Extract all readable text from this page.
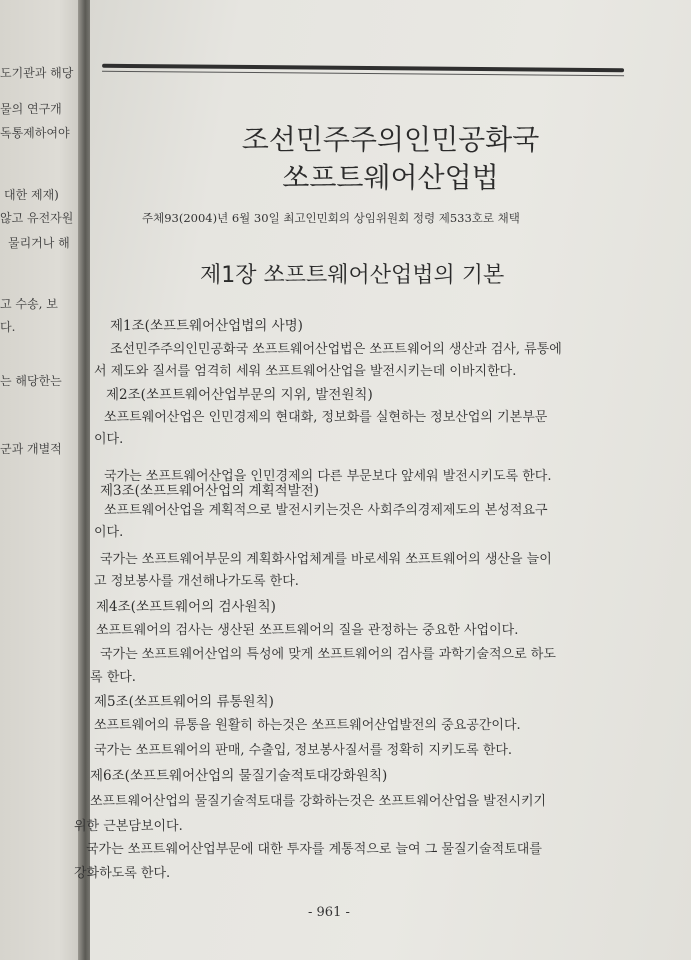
도기관과 해당
물의 연구개
독통제하여야
대한 제재)
않고 유전자원
물리거나 해
고 수송, 보
다.
는 해당한는
군과 개별적
조선민주주의인민공화국
쏘프트웨어산업법
주체93(2004)년 6월 30일 최고인민회의 상임위원회 정령 제533호로 채택
제1장 쏘프트웨어산업법의 기본
제1조(쏘프트웨어산업법의 사명)
조선민주주의인민공화국 쏘프트웨어산업법은 쏘프트웨어의 생산과 검사, 류통에
서 제도와 질서를 엄격히 세워 쏘프트웨어산업을 발전시키는데 이바지한다.
제2조(쏘프트웨어산업부문의 지위, 발전원칙)
쏘프트웨어산업은 인민경제의 현대화, 정보화를 실현하는 정보산업의 기본부문
이다.
국가는 쏘프트웨어산업을 인민경제의 다른 부문보다 앞세워 발전시키도록 한다.
제3조(쏘프트웨어산업의 계획적발전)
쏘프트웨어산업을 계획적으로 발전시키는것은 사회주의경제제도의 본성적요구
이다.
국가는 쏘프트웨어부문의 계획화사업체계를 바로세워 쏘프트웨어의 생산을 늘이
고 정보봉사를 개선해나가도록 한다.
제4조(쏘프트웨어의 검사원칙)
쏘프트웨어의 검사는 생산된 쏘프트웨어의 질을 관정하는 중요한 사업이다.
국가는 쏘프트웨어산업의 특성에 맞게 쏘프트웨어의 검사를 과학기술적으로 하도
록 한다.
제5조(쏘프트웨어의 류통원칙)
쏘프트웨어의 류통을 원활히 하는것은 쏘프트웨어산업발전의 중요공간이다.
국가는 쏘프트웨어의 판매, 수출입, 정보봉사질서를 정확히 지키도록 한다.
제6조(쏘프트웨어산업의 물질기술적토대강화원칙)
쏘프트웨어산업의 물질기술적토대를 강화하는것은 쏘프트웨어산업을 발전시키기
위한 근본담보이다.
국가는 쏘프트웨어산업부문에 대한 투자를 계통적으로 늘여 그 물질기술적토대를
강화하도록 한다.
- 961 -
